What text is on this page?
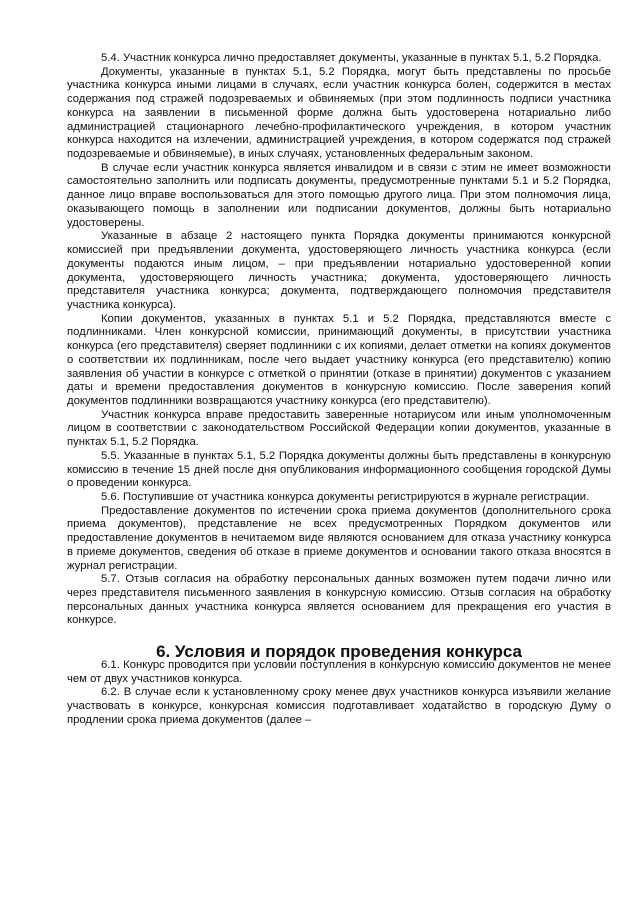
5.4. Участник конкурса лично предоставляет документы, указанные в пунктах 5.1, 5.2 Порядка.

Документы, указанные в пунктах 5.1, 5.2 Порядка, могут быть представлены по просьбе участника конкурса иными лицами в случаях, если участник конкурса болен, содержится в местах содержания под стражей подозреваемых и обвиняемых (при этом подлинность подписи участника конкурса на заявлении в письменной форме должна быть удостоверена нотариально либо администрацией стационарного лечебно-профилактического учреждения, в котором участник конкурса находится на излечении, администрацией учреждения, в котором содержатся под стражей подозреваемые и обвиняемые), в иных случаях, установленных федеральным законом.

В случае если участник конкурса является инвалидом и в связи с этим не имеет возможности самостоятельно заполнить или подписать документы, предусмотренные пунктами 5.1 и 5.2 Порядка, данное лицо вправе воспользоваться для этого помощью другого лица. При этом полномочия лица, оказывающего помощь в заполнении или подписании документов, должны быть нотариально удостоверены.

Указанные в абзаце 2 настоящего пункта Порядка документы принимаются конкурсной комиссией при предъявлении документа, удостоверяющего личность участника конкурса (если документы подаются иным лицом, – при предъявлении нотариально удостоверенной копии документа, удостоверяющего личность участника; документа, удостоверяющего личность представителя участника конкурса; документа, подтверждающего полномочия представителя участника конкурса).

Копии документов, указанных в пунктах 5.1 и 5.2 Порядка, представляются вместе с подлинниками. Член конкурсной комиссии, принимающий документы, в присутствии участника конкурса (его представителя) сверяет подлинники с их копиями, делает отметки на копиях документов о соответствии их подлинникам, после чего выдает участнику конкурса (его представителю) копию заявления об участии в конкурсе с отметкой о принятии (отказе в принятии) документов с указанием даты и времени предоставления документов в конкурсную комиссию. После заверения копий документов подлинники возвращаются участнику конкурса (его представителю).

Участник конкурса вправе предоставить заверенные нотариусом или иным уполномоченным лицом в соответствии с законодательством Российской Федерации копии документов, указанные в пунктах 5.1, 5.2 Порядка.

5.5. Указанные в пунктах 5.1, 5.2 Порядка документы должны быть представлены в конкурсную комиссию в течение 15 дней после дня опубликования информационного сообщения городской Думы о проведении конкурса.

5.6. Поступившие от участника конкурса документы регистрируются в журнале регистрации.

Предоставление документов по истечении срока приема документов (дополнительного срока приема документов), представление не всех предусмотренных Порядком документов или предоставление документов в нечитаемом виде являются основанием для отказа участнику конкурса в приеме документов, сведения об отказе в приеме документов и основании такого отказа вносятся в журнал регистрации.

5.7. Отзыв согласия на обработку персональных данных возможен путем подачи лично или через представителя письменного заявления в конкурсную комиссию. Отзыв согласия на обработку персональных данных участника конкурса является основанием для прекращения его участия в конкурсе.

6. Условия и порядок проведения конкурса

6.1. Конкурс проводится при условии поступления в конкурсную комиссию документов не менее чем от двух участников конкурса.

6.2. В случае если к установленному сроку менее двух участников конкурса изъявили желание участвовать в конкурсе, конкурсная комиссия подготавливает ходатайство в городскую Думу о продлении срока приема документов (далее –
